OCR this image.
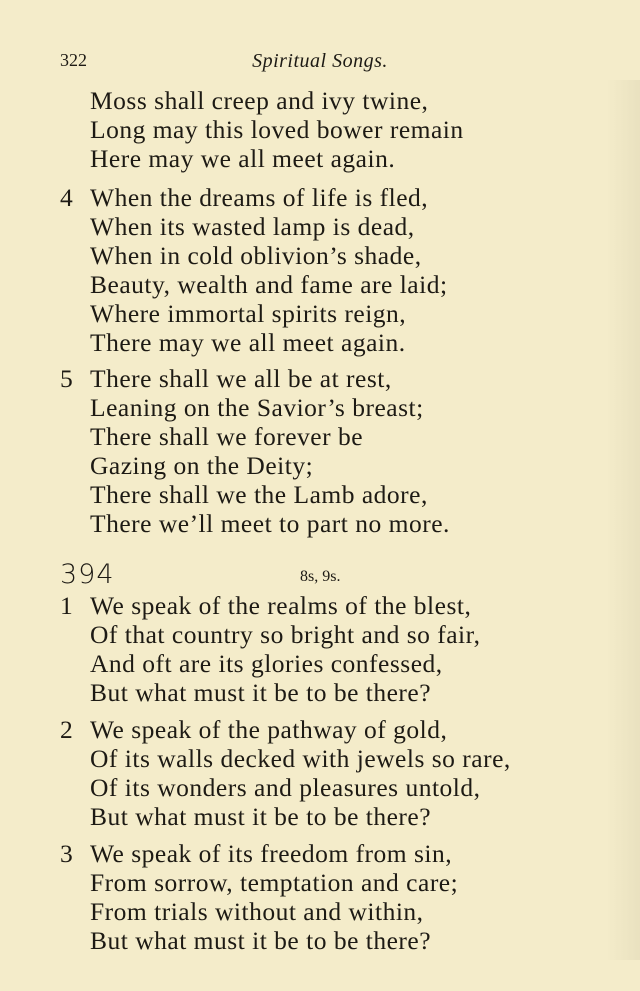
322	Spiritual Songs.
Moss shall creep and ivy twine,
Long may this loved bower remain
Here may we all meet again.
4 When the dreams of life is fled,
When its wasted lamp is dead,
When in cold oblivion’s shade,
Beauty, wealth and fame are laid;
Where immortal spirits reign,
There may we all meet again.
5 There shall we all be at rest,
Leaning on the Savior’s breast;
There shall we forever be
Gazing on the Deity;
There shall we the Lamb adore,
There we’ll meet to part no more.
394	8s, 9s.
1 We speak of the realms of the blest,
Of that country so bright and so fair,
And oft are its glories confessed,
But what must it be to be there?
2 We speak of the pathway of gold,
Of its walls decked with jewels so rare,
Of its wonders and pleasures untold,
But what must it be to be there?
3 We speak of its freedom from sin,
From sorrow, temptation and care;
From trials without and within,
But what must it be to be there?
